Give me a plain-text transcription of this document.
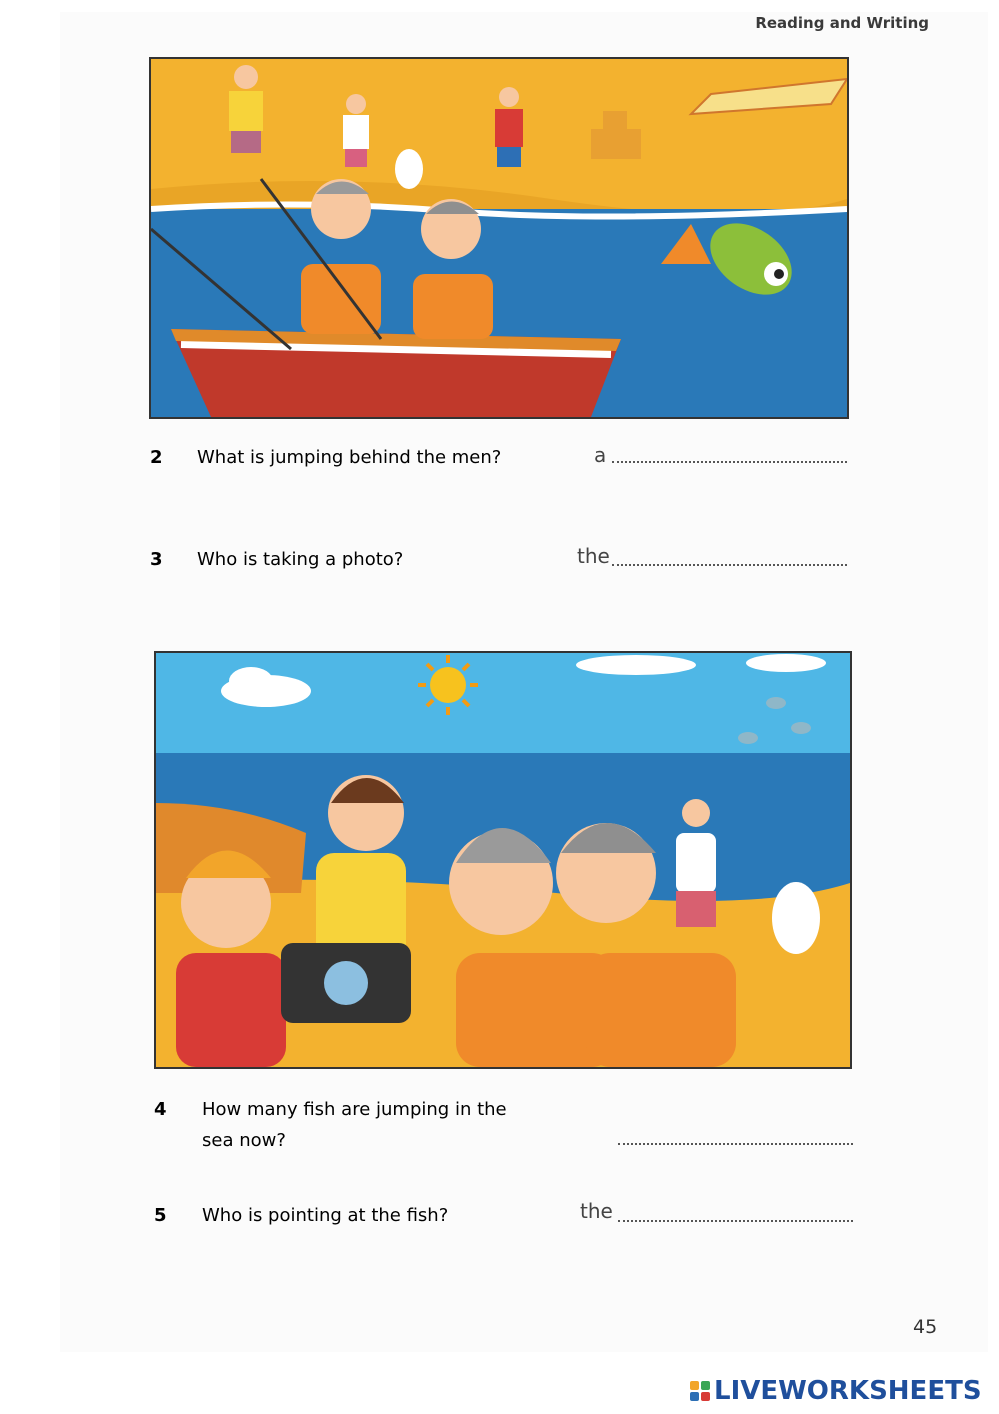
Reading and Writing
2 What is jumping behind the men?	a
3 Who is taking a photo?	the
4 How many fish are jumping in the
sea now?
5 Who is pointing at the fish?	the
45
LIVEWORKSHEETS
